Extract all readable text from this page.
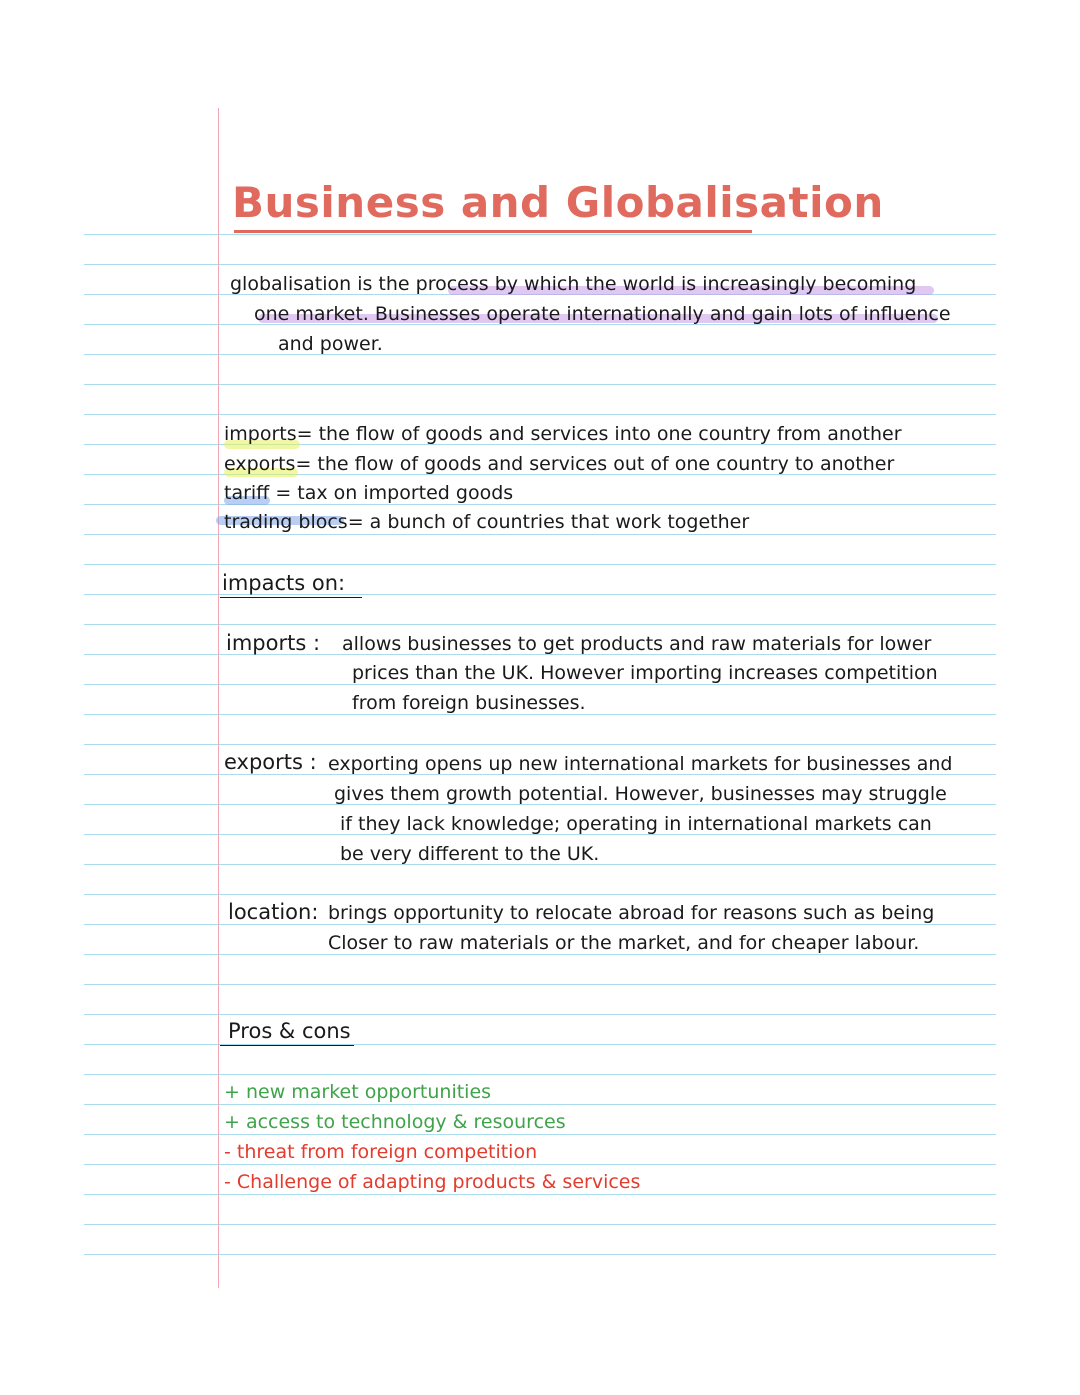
Business and Globalisation
globalisation is the process by which the world is increasingly becoming
one market. Businesses operate internationally and gain lots of influence
and power.
imports= the flow of goods and services into one country from another
exports= the flow of goods and services out of one country to another
tariff = tax on imported goods
trading blocs= a bunch of countries that work together
impacts on:
imports : allows businesses to get products and raw materials for lower
prices than the UK. However importing increases competition
from foreign businesses.
exports : exporting opens up new international markets for businesses and
gives them growth potential. However, businesses may struggle
if they lack knowledge; operating in international markets can
be very different to the UK.
location: brings opportunity to relocate abroad for reasons such as being
Closer to raw materials or the market, and for cheaper labour.
Pros & cons
+ new market opportunities
+ access to technology & resources
- threat from foreign competition
- Challenge of adapting products & services
